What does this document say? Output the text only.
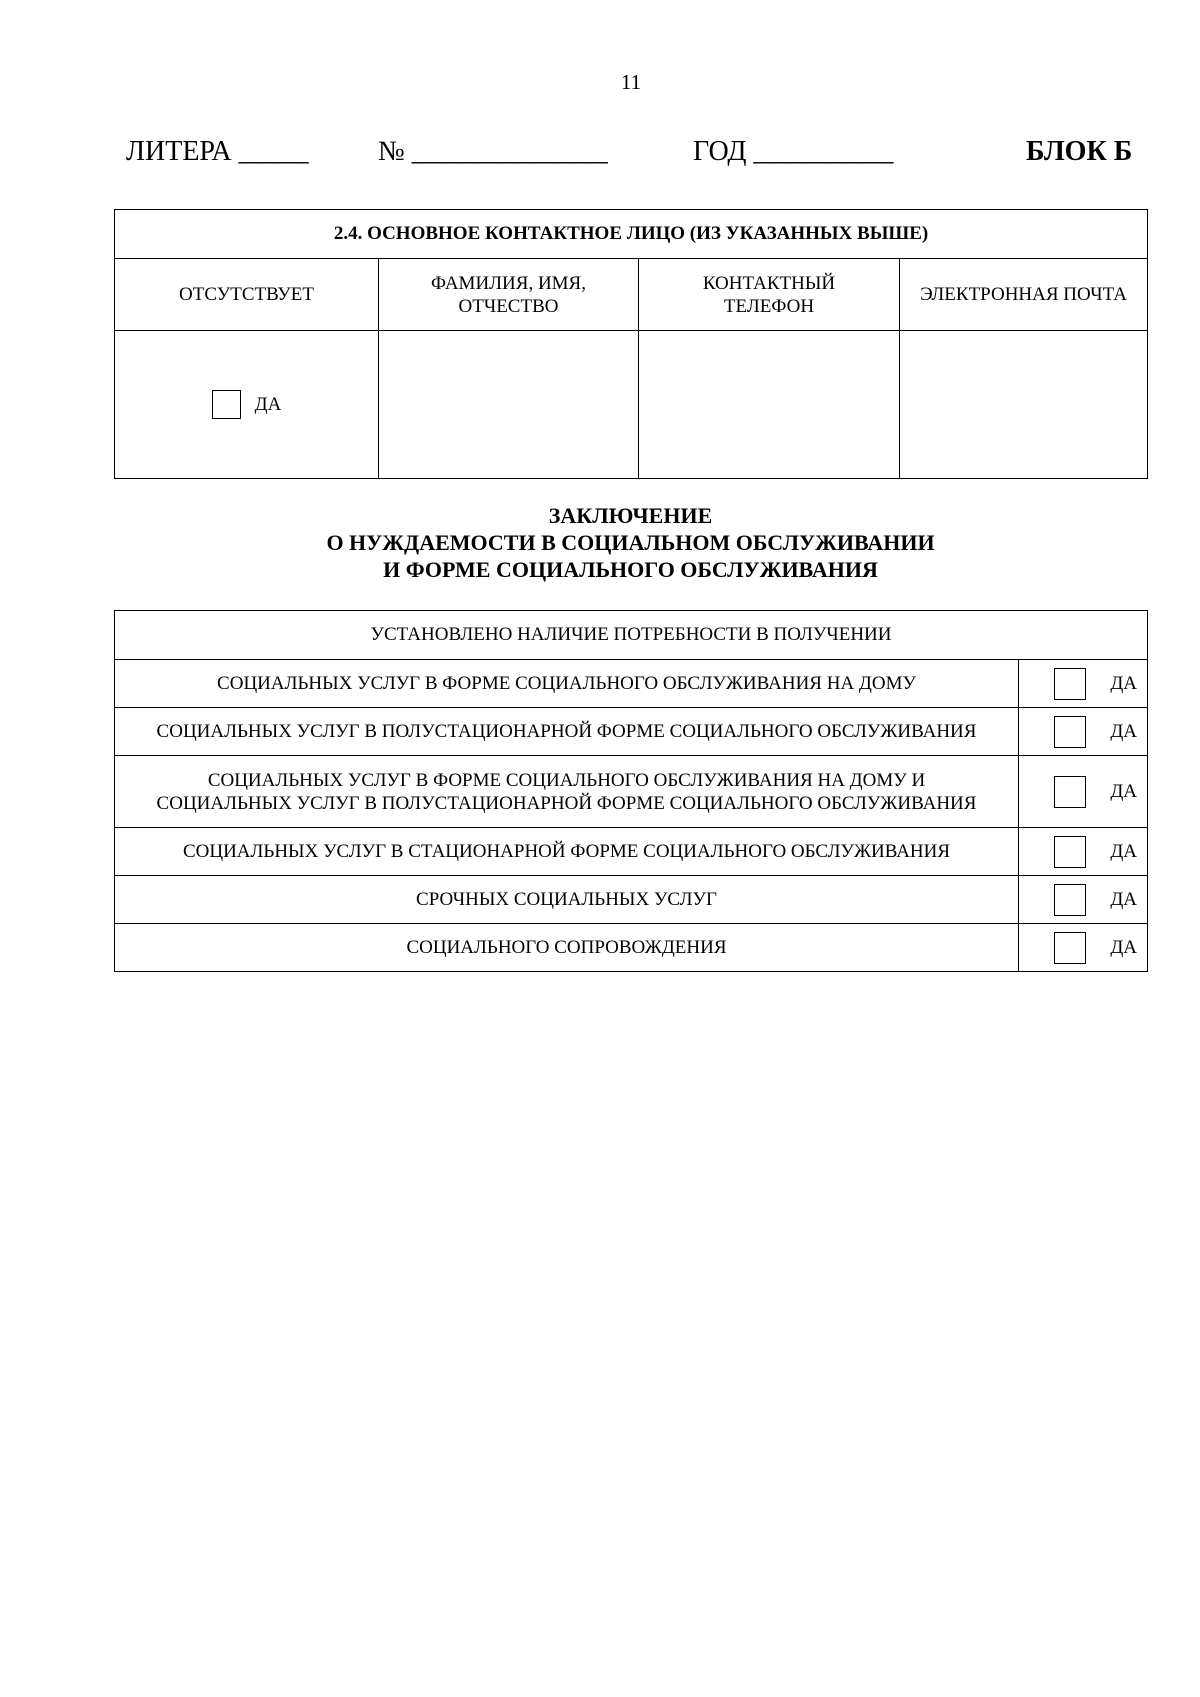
11
ЛИТЕРА _____ № ______________	ГОД __________	БЛОК Б
2.4. ОСНОВНОЕ КОНТАКТНОЕ ЛИЦО (ИЗ УКАЗАННЫХ ВЫШЕ)			
ОТСУТСТВУЕТ	ФАМИЛИЯ, ИМЯ, ОТЧЕСТВО	КОНТАКТНЫЙ ТЕЛЕФОН	ЭЛЕКТРОННАЯ ПОЧТА
ДА			
ЗАКЛЮЧЕНИЕ
О НУЖДАЕМОСТИ В СОЦИАЛЬНОМ ОБСЛУЖИВАНИИ
И ФОРМЕ СОЦИАЛЬНОГО ОБСЛУЖИВАНИЯ
УСТАНОВЛЕНО НАЛИЧИЕ ПОТРЕБНОСТИ В ПОЛУЧЕНИИ	
СОЦИАЛЬНЫХ УСЛУГ В ФОРМЕ СОЦИАЛЬНОГО ОБСЛУЖИВАНИЯ НА ДОМУ	ДА

СОЦИАЛЬНЫХ УСЛУГ В ПОЛУСТАЦИОНАРНОЙ ФОРМЕ СОЦИАЛЬНОГО ОБСЛУЖИВАНИЯ	ДА

СОЦИАЛЬНЫХ УСЛУГ В ФОРМЕ СОЦИАЛЬНОГО ОБСЛУЖИВАНИЯ НА ДОМУ И
СОЦИАЛЬНЫХ УСЛУГ В ПОЛУСТАЦИОНАРНОЙ ФОРМЕ СОЦИАЛЬНОГО ОБСЛУЖИВАНИЯ	ДА

СОЦИАЛЬНЫХ УСЛУГ В СТАЦИОНАРНОЙ ФОРМЕ СОЦИАЛЬНОГО ОБСЛУЖИВАНИЯ	ДА

СРОЧНЫХ СОЦИАЛЬНЫХ УСЛУГ	ДА

СОЦИАЛЬНОГО СОПРОВОЖДЕНИЯ	ДА
